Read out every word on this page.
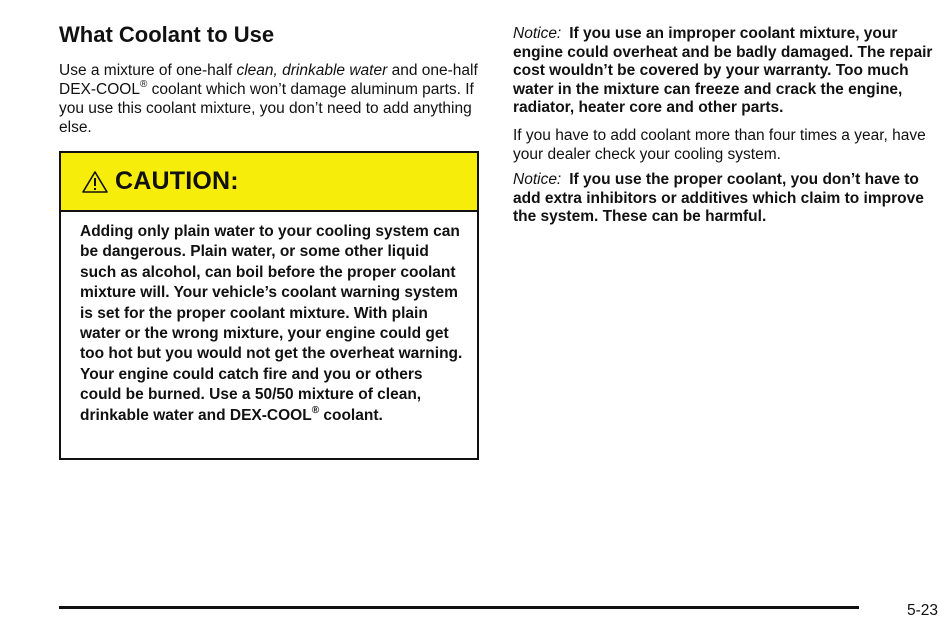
What Coolant to Use

Use a mixture of one-half clean, drinkable water and one-half DEX-COOL® coolant which won’t damage aluminum parts. If you use this coolant mixture, you don’t need to add anything else.

CAUTION:

Adding only plain water to your cooling system can be dangerous. Plain water, or some other liquid such as alcohol, can boil before the proper coolant mixture will. Your vehicle’s coolant warning system is set for the proper coolant mixture. With plain water or the wrong mixture, your engine could get too hot but you would not get the overheat warning. Your engine could catch fire and you or others could be burned. Use a 50/50 mixture of clean, drinkable water and DEX-COOL® coolant.

Notice: If you use an improper coolant mixture, your engine could overheat and be badly damaged. The repair cost wouldn’t be covered by your warranty. Too much water in the mixture can freeze and crack the engine, radiator, heater core and other parts.

If you have to add coolant more than four times a year, have your dealer check your cooling system.

Notice: If you use the proper coolant, you don’t have to add extra inhibitors or additives which claim to improve the system. These can be harmful.

5-23
